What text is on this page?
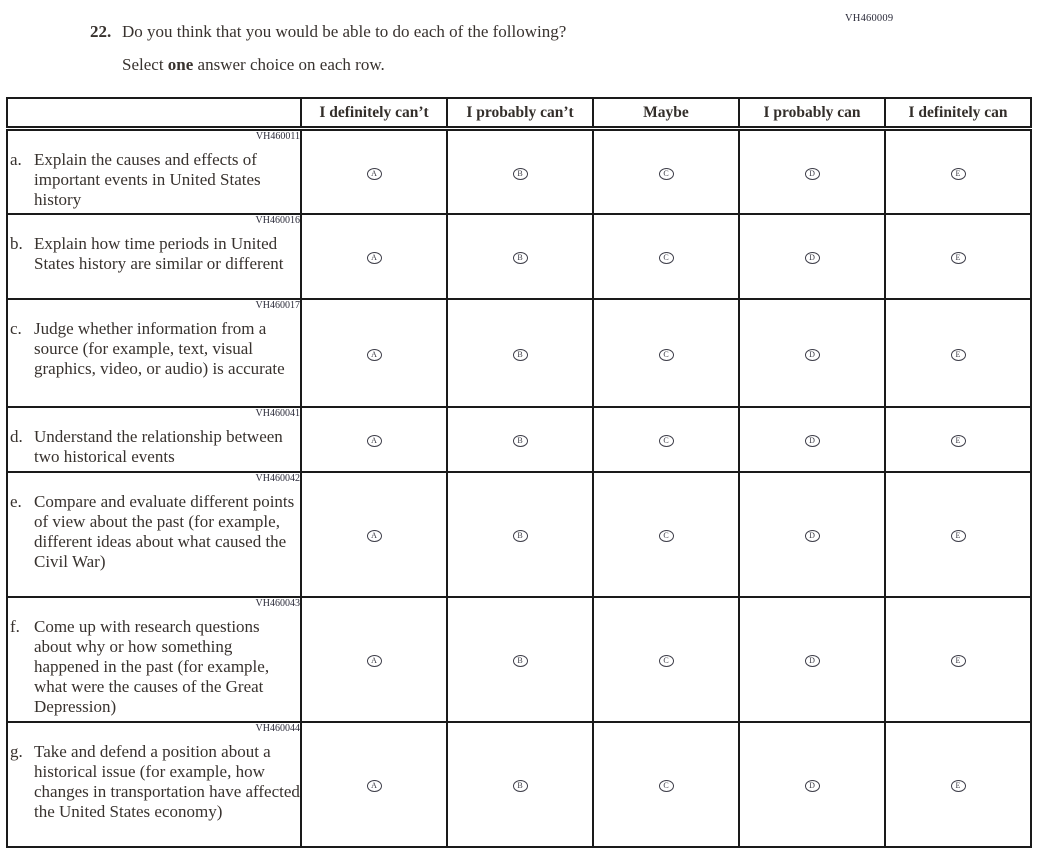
VH460009
22. Do you think that you would be able to do each of the following?

Select one answer choice on each row.

	I definitely can’t	I probably can’t	Maybe	I probably can	I definitely can

VH460011
a. Explain the causes and effects of important events in United States history	A	B	C	D	E

VH460016
b. Explain how time periods in United States history are similar or different	A	B	C	D	E

VH460017
c. Judge whether information from a source (for example, text, visual graphics, video, or audio) is accurate	A	B	C	D	E

VH460041
d. Understand the relationship between two historical events	A	B	C	D	E

VH460042
e. Compare and evaluate different points of view about the past (for example, different ideas about what caused the Civil War)	A	B	C	D	E

VH460043
f. Come up with research questions about why or how something happened in the past (for example, what were the causes of the Great Depression)	A	B	C	D	E

VH460044
g. Take and defend a position about a historical issue (for example, how changes in transportation have affected the United States economy)	A	B	C	D	E
